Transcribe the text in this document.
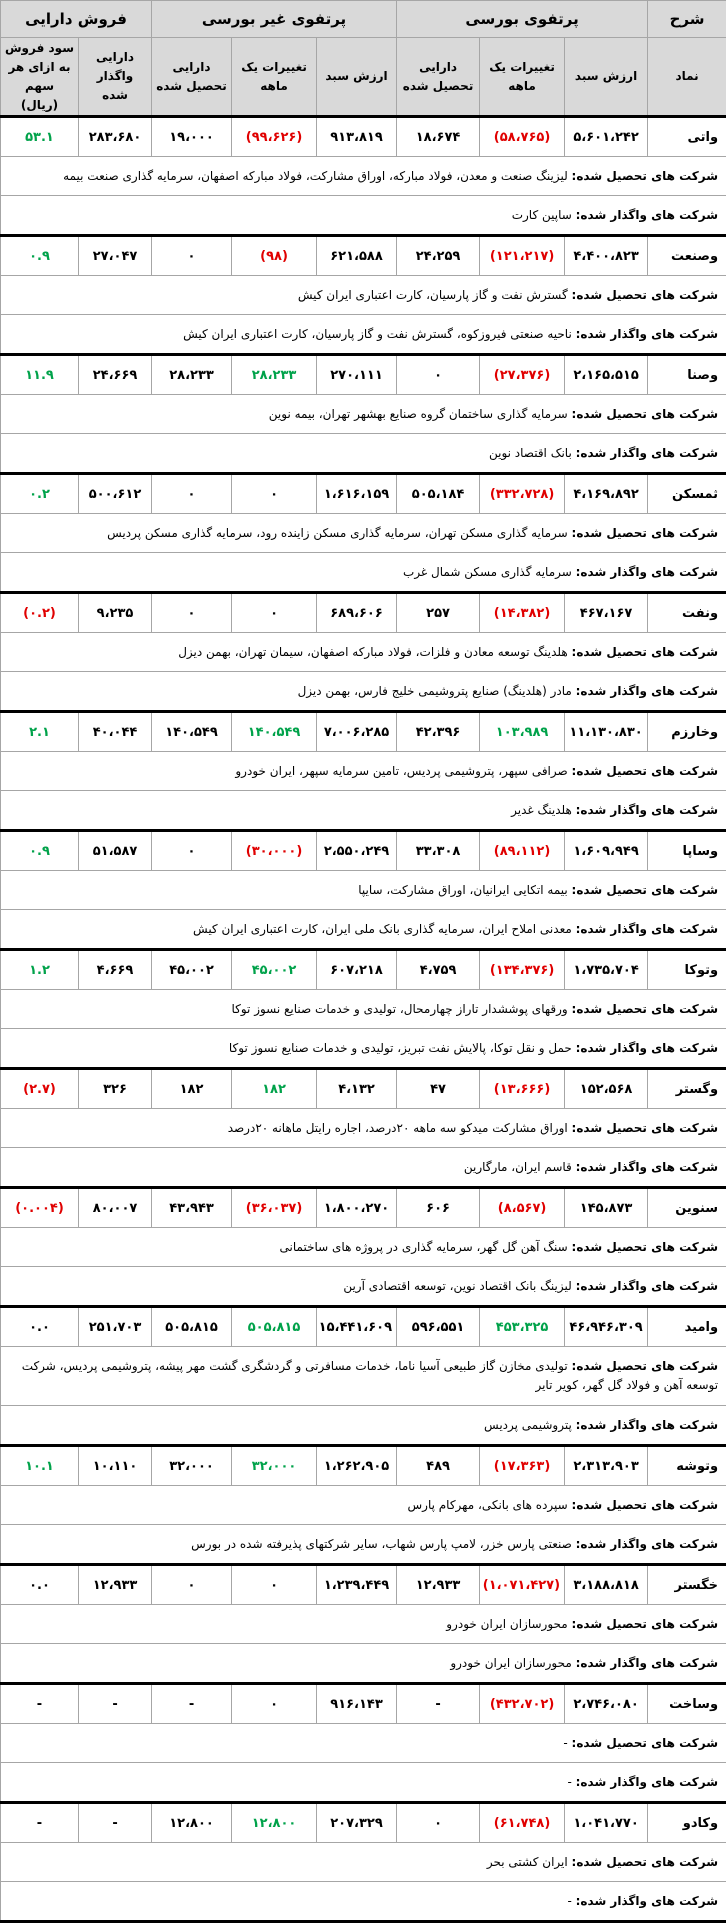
شرح	پرتفوی بورسی			پرتفوی غیر بورسی			فروش دارایی	
نماد	ارزش سبد	تغییرات یک ماهه	دارایی تحصیل شده	ارزش سبد	تغییرات یک ماهه	دارایی تحصیل شده	دارایی واگذار شده	سود فروش به ازای هر سهم (ریال)
واتی	۵،۶۰۱،۲۴۲	(۵۸،۷۶۵)	۱۸،۶۷۴	۹۱۳،۸۱۹	(۹۹،۶۲۶)	۱۹،۰۰۰	۲۸۳،۶۸۰	۵۳.۱
شرکت های تحصیل شده: لیزینگ صنعت و معدن، فولاد مبارکه، اوراق مشارکت، فولاد مبارکه اصفهان، سرمایه گذاری صنعت بیمه								
شرکت های واگذار شده: ساپین کارت								
وصنعت	۴،۴۰۰،۸۲۳	(۱۲۱،۲۱۷)	۲۴،۲۵۹	۶۲۱،۵۸۸	(۹۸)	۰	۲۷،۰۴۷	۰.۹
شرکت های تحصیل شده: گسترش نفت و گاز پارسیان، کارت اعتباری ایران کیش								
شرکت های واگذار شده: ناحیه صنعتی فیروزکوه، گسترش نفت و گاز پارسیان، کارت اعتباری ایران کیش								
وصنا	۲،۱۶۵،۵۱۵	(۲۷،۳۷۶)	۰	۲۷۰،۱۱۱	۲۸،۲۳۳	۲۸،۲۳۳	۲۴،۶۶۹	۱۱.۹
شرکت های تحصیل شده: سرمایه گذاری ساختمان گروه صنایع بهشهر تهران، بیمه نوین								
شرکت های واگذار شده: بانک اقتصاد نوین								
ثمسکن	۴،۱۶۹،۸۹۲	(۳۳۲،۷۲۸)	۵۰۵،۱۸۴	۱،۶۱۶،۱۵۹	۰	۰	۵۰۰،۶۱۲	۰.۲
شرکت های تحصیل شده: سرمایه گذاری مسکن تهران، سرمایه گذاری مسکن زاینده رود، سرمایه گذاری مسکن پردیس								
شرکت های واگذار شده: سرمایه گذاری مسکن شمال غرب								
ونفت	۴۶۷،۱۶۷	(۱۴،۳۸۲)	۲۵۷	۶۸۹،۶۰۶	۰	۰	۹،۲۳۵	(۰.۲)
شرکت های تحصیل شده: هلدینگ توسعه معادن و فلزات، فولاد مبارکه اصفهان، سیمان تهران، بهمن دیزل								
شرکت های واگذار شده: مادر (هلدینگ) صنایع پتروشیمی خلیج فارس، بهمن دیزل								
وخارزم	۱۱،۱۳۰،۸۳۰	۱۰۳،۹۸۹	۴۲،۳۹۶	۷،۰۰۶،۲۸۵	۱۴۰،۵۴۹	۱۴۰،۵۴۹	۴۰،۰۴۴	۲.۱
شرکت های تحصیل شده: صرافی سپهر، پتروشیمی پردیس، تامین سرمایه سپهر، ایران خودرو								
شرکت های واگذار شده: هلدینگ غدیر								
وساپا	۱،۶۰۹،۹۴۹	(۸۹،۱۱۲)	۳۳،۳۰۸	۲،۵۵۰،۲۴۹	(۳۰،۰۰۰)	۰	۵۱،۵۸۷	۰.۹
شرکت های تحصیل شده: بیمه اتکایی ایرانیان، اوراق مشارکت، سایپا								
شرکت های واگذار شده: معدنی املاح ایران، سرمایه گذاری بانک ملی ایران، کارت اعتباری ایران کیش								
وتوکا	۱،۷۳۵،۷۰۴	(۱۳۴،۳۷۶)	۴،۷۵۹	۶۰۷،۲۱۸	۴۵،۰۰۲	۴۵،۰۰۲	۴،۶۶۹	۱.۲
شرکت های تحصیل شده: ورقهای پوششدار تاراز چهارمحال، تولیدی و خدمات صنایع نسوز توکا								
شرکت های واگذار شده: حمل و نقل توکا، پالایش نفت تبریز، تولیدی و خدمات صنایع نسوز توکا								
وگستر	۱۵۲،۵۶۸	(۱۳،۶۶۶)	۴۷	۴،۱۳۲	۱۸۲	۱۸۲	۳۲۶	(۲.۷)
شرکت های تحصیل شده: اوراق مشارکت میدکو سه ماهه ۲۰درصد، اجاره رایتل ماهانه ۲۰درصد								
شرکت های واگذار شده: قاسم ایران، مارگارین								
سنوین	۱۴۵،۸۷۳	(۸،۵۶۷)	۶۰۶	۱،۸۰۰،۲۷۰	(۳۶،۰۳۷)	۴۳،۹۴۳	۸۰،۰۰۷	(۰.۰۰۴)
شرکت های تحصیل شده: سنگ آهن گل گهر، سرمایه گذاری در پروژه های ساختمانی								
شرکت های واگذار شده: لیزینگ بانک اقتصاد نوین، توسعه اقتصادی آرین								
وامید	۴۶،۹۴۶،۳۰۹	۴۵۳،۳۲۵	۵۹۶،۵۵۱	۱۵،۴۴۱،۶۰۹	۵۰۵،۸۱۵	۵۰۵،۸۱۵	۲۵۱،۷۰۳	۰.۰
شرکت های تحصیل شده: تولیدی مخازن گاز طبیعی آسیا ناما، خدمات مسافرتی و گردشگری گشت مهر پیشه، پتروشیمی پردیس، شرکت توسعه آهن و فولاد گل گهر، کویر تایر								
شرکت های واگذار شده: پتروشیمی پردیس								
وتوشه	۲،۳۱۳،۹۰۳	(۱۷،۳۶۳)	۴۸۹	۱،۲۶۲،۹۰۵	۳۲،۰۰۰	۳۲،۰۰۰	۱۰،۱۱۰	۱۰.۱
شرکت های تحصیل شده: سپرده های بانکی، مهرکام پارس								
شرکت های واگذار شده: صنعتی پارس خزر، لامپ پارس شهاب، سایر شرکتهای پذیرفته شده در بورس								
خگستر	۳،۱۸۸،۸۱۸	(۱،۰۷۱،۴۲۷)	۱۲،۹۳۳	۱،۲۳۹،۴۴۹	۰	۰	۱۲،۹۳۳	۰.۰
شرکت های تحصیل شده: محورسازان ایران خودرو								
شرکت های واگذار شده: محورسازان ایران خودرو								
وساخت	۲،۷۴۶،۰۸۰	(۴۳۲،۷۰۲)	-	۹۱۶،۱۴۳	۰	-	-	-
شرکت های تحصیل شده: -								
شرکت های واگذار شده: -								
وکادو	۱،۰۴۱،۷۷۰	(۶۱،۷۴۸)	۰	۲۰۷،۳۲۹	۱۲،۸۰۰	۱۲،۸۰۰	-	-
شرکت های تحصیل شده: ایران کشتی بحر								
شرکت های واگذار شده: -								
